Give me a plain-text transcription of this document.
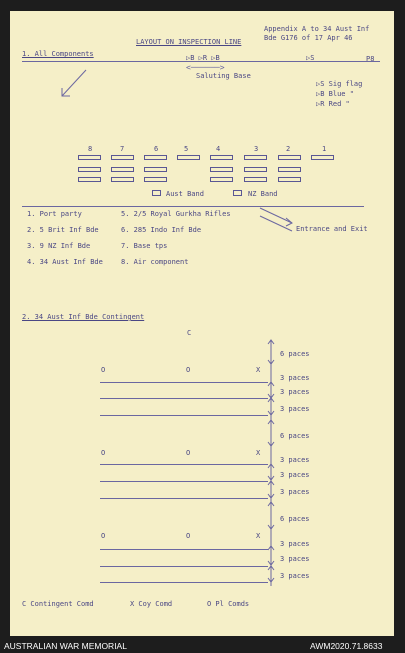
Appendix A to 34 Aust Inf
Bde G176 of 17 Apr 46
LAYOUT ON INSPECTION LINE
1. All Components	▷B ▷R ▷B	▷S	P8
<──────>
Saluting Base
▷S Sig flag
▷B Blue "
▷R Red "
8	7	6	5	4	3	2	1
Aust Band	NZ Band
1. Port party
2. 5 Brit Inf Bde
3. 9 NZ Inf Bde
4. 34 Aust Inf Bde
5. 2/5 Royal Gurkha Rifles
6. 285 Indo Inf Bde
7. Base tps
8. Air component
Entrance and Exit
2. 34 Aust Inf Bde Contingent
C
O	O	X
O	O	X
O	O	X
6 paces
3 paces
3 paces
3 paces
6 paces
3 paces
3 paces
3 paces
6 paces
3 paces
3 paces
3 paces
C Contingent Comd	X Coy Comd	O Pl Comds
AUSTRALIAN WAR MEMORIAL	AWM2020.71.8633
